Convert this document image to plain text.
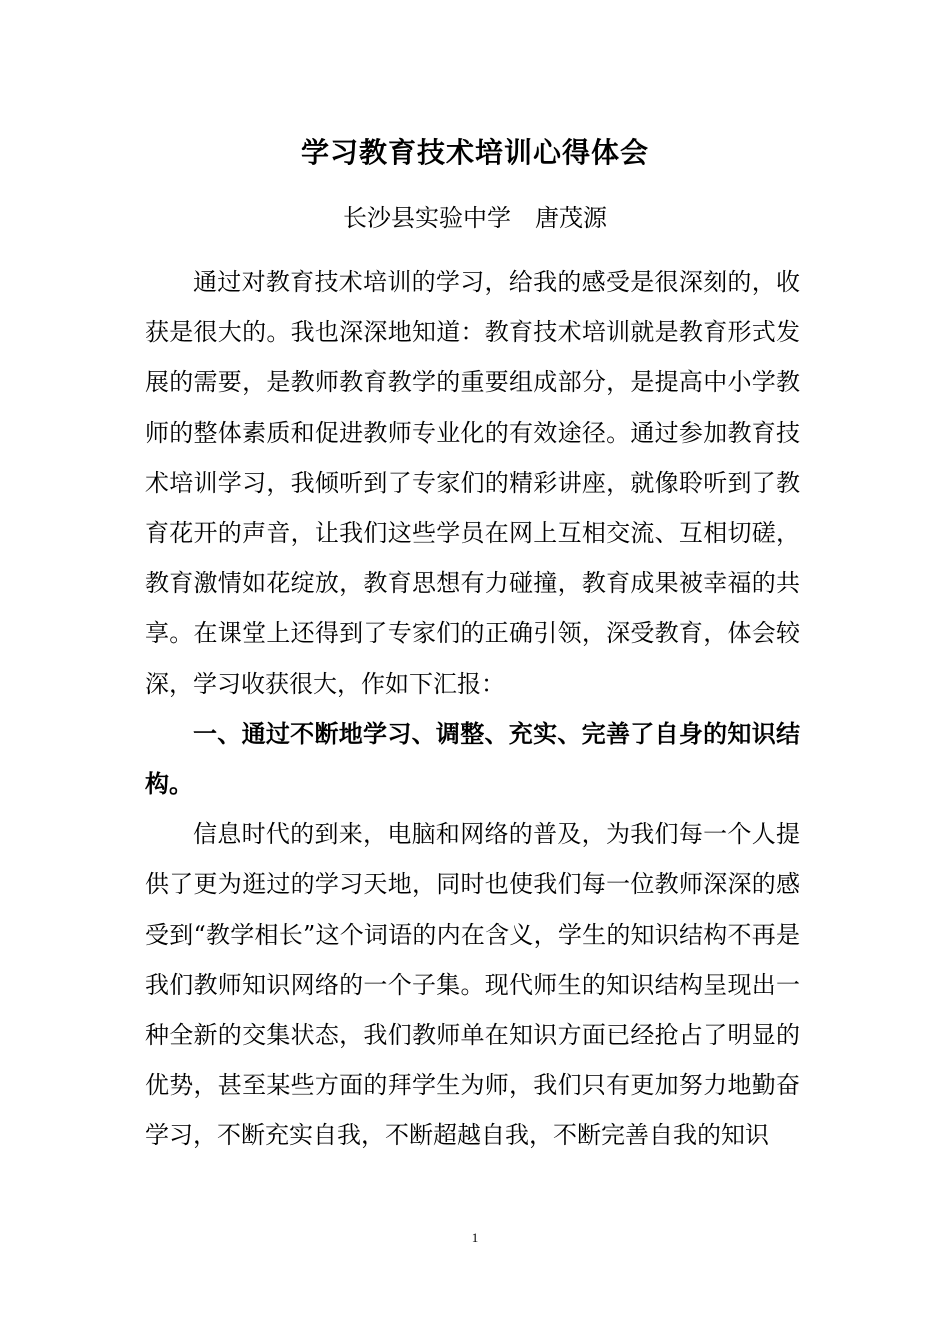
学习教育技术培训心得体会
长沙县实验中学　唐茂源

通过对教育技术培训的学习，给我的感受是很深刻的，收获是很大的。我也深深地知道：教育技术培训就是教育形式发展的需要，是教师教育教学的重要组成部分，是提高中小学教师的整体素质和促进教师专业化的有效途径。通过参加教育技术培训学习，我倾听到了专家们的精彩讲座，就像聆听到了教育花开的声音，让我们这些学员在网上互相交流、互相切磋，教育激情如花绽放，教育思想有力碰撞，教育成果被幸福的共享。在课堂上还得到了专家们的正确引领，深受教育，体会较深，学习收获很大，作如下汇报：

一、通过不断地学习、调整、充实、完善了自身的知识结构。

信息时代的到来，电脑和网络的普及，为我们每一个人提供了更为逛过的学习天地，同时也使我们每一位教师深深的感受到“教学相长”这个词语的内在含义，学生的知识结构不再是我们教师知识网络的一个子集。现代师生的知识结构呈现出一种全新的交集状态，我们教师单在知识方面已经抢占了明显的优势，甚至某些方面的拜学生为师，我们只有更加努力地勤奋学习，不断充实自我，不断超越自我，不断完善自我的知识

1
